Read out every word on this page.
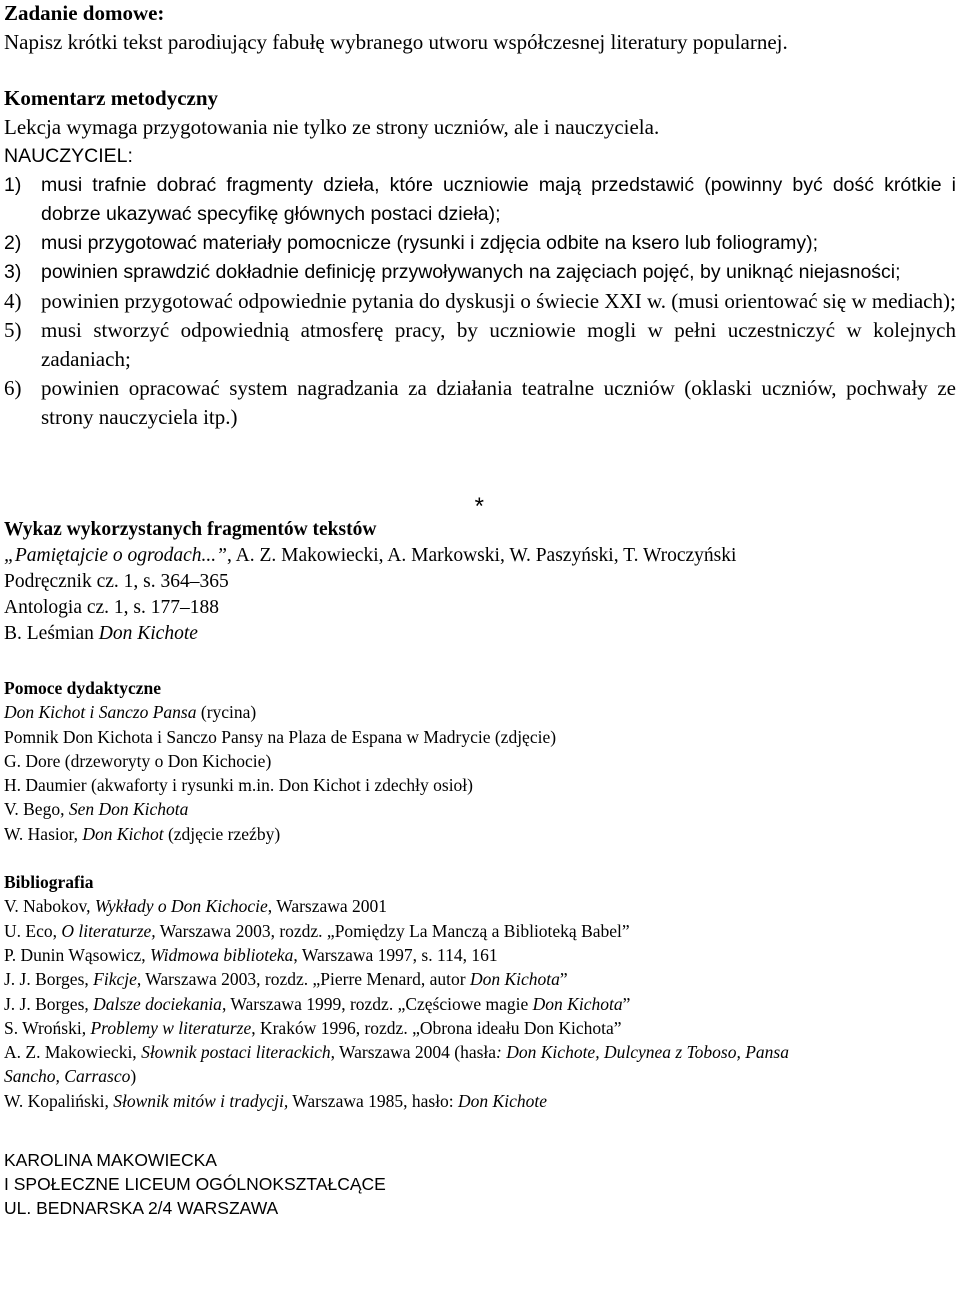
Zadanie domowe:

Napisz krótki tekst parodiujący fabułę wybranego utworu współczesnej literatury popularnej.

Komentarz metodyczny

Lekcja wymaga przygotowania nie tylko ze strony uczniów, ale i nauczyciela.

NAUCZYCIEL:

1)	musi trafnie dobrać fragmenty dzieła, które uczniowie mają przedstawić (powinny być dość krótkie i dobrze ukazywać specyfikę głównych postaci dzieła);
2)	musi przygotować materiały pomocnicze (rysunki i zdjęcia odbite na ksero lub foliogramy);
3)	powinien sprawdzić dokładnie definicję przywoływanych na zajęciach pojęć, by uniknąć niejasności;
4) powinien przygotować odpowiednie pytania do dyskusji o świecie XXI w. (musi orientować się w mediach);
5) musi stworzyć odpowiednią atmosferę pracy, by uczniowie mogli w pełni uczestniczyć w kolejnych zadaniach;
6) powinien opracować system nagradzania za działania teatralne uczniów (oklaski uczniów, pochwały ze strony nauczyciela itp.)
*

Wykaz wykorzystanych fragmentów tekstów

„Pamiętajcie o ogrodach...”, A. Z. Makowiecki, A. Markowski, W. Paszyński, T. Wroczyński

Podręcznik cz. 1, s. 364–365

Antologia cz. 1, s. 177–188

B. Leśmian Don Kichote

Pomoce dydaktyczne

Don Kichot i Sanczo Pansa (rycina)

Pomnik Don Kichota i Sanczo Pansy na Plaza de Espana w Madrycie (zdjęcie)

G. Dore (drzeworyty o Don Kichocie)

H. Daumier (akwaforty i rysunki m.in. Don Kichot i zdechły osioł)

V. Bego, Sen Don Kichota

W. Hasior, Don Kichot (zdjęcie rzeźby)

Bibliografia

V. Nabokov, Wykłady o Don Kichocie, Warszawa 2001

U. Eco, O literaturze, Warszawa 2003, rozdz. „Pomiędzy La Manczą a Biblioteką Babel”

P. Dunin Wąsowicz, Widmowa biblioteka, Warszawa 1997, s. 114, 161

J. J. Borges, Fikcje, Warszawa 2003, rozdz. „Pierre Menard, autor Don Kichota”

J. J. Borges, Dalsze dociekania, Warszawa 1999, rozdz. „Częściowe magie Don Kichota”

S. Wroński, Problemy w literaturze, Kraków 1996, rozdz. „Obrona ideału Don Kichota”

A. Z. Makowiecki, Słownik postaci literackich, Warszawa 2004 (hasła: Don Kichote, Dulcynea z Toboso, Pansa

Sancho, Carrasco)

W. Kopaliński, Słownik mitów i tradycji, Warszawa 1985, hasło: Don Kichote

KAROLINA MAKOWIECKA

I SPOŁECZNE LICEUM OGÓLNOKSZTAŁCĄCE

UL. BEDNARSKA 2/4 WARSZAWA
